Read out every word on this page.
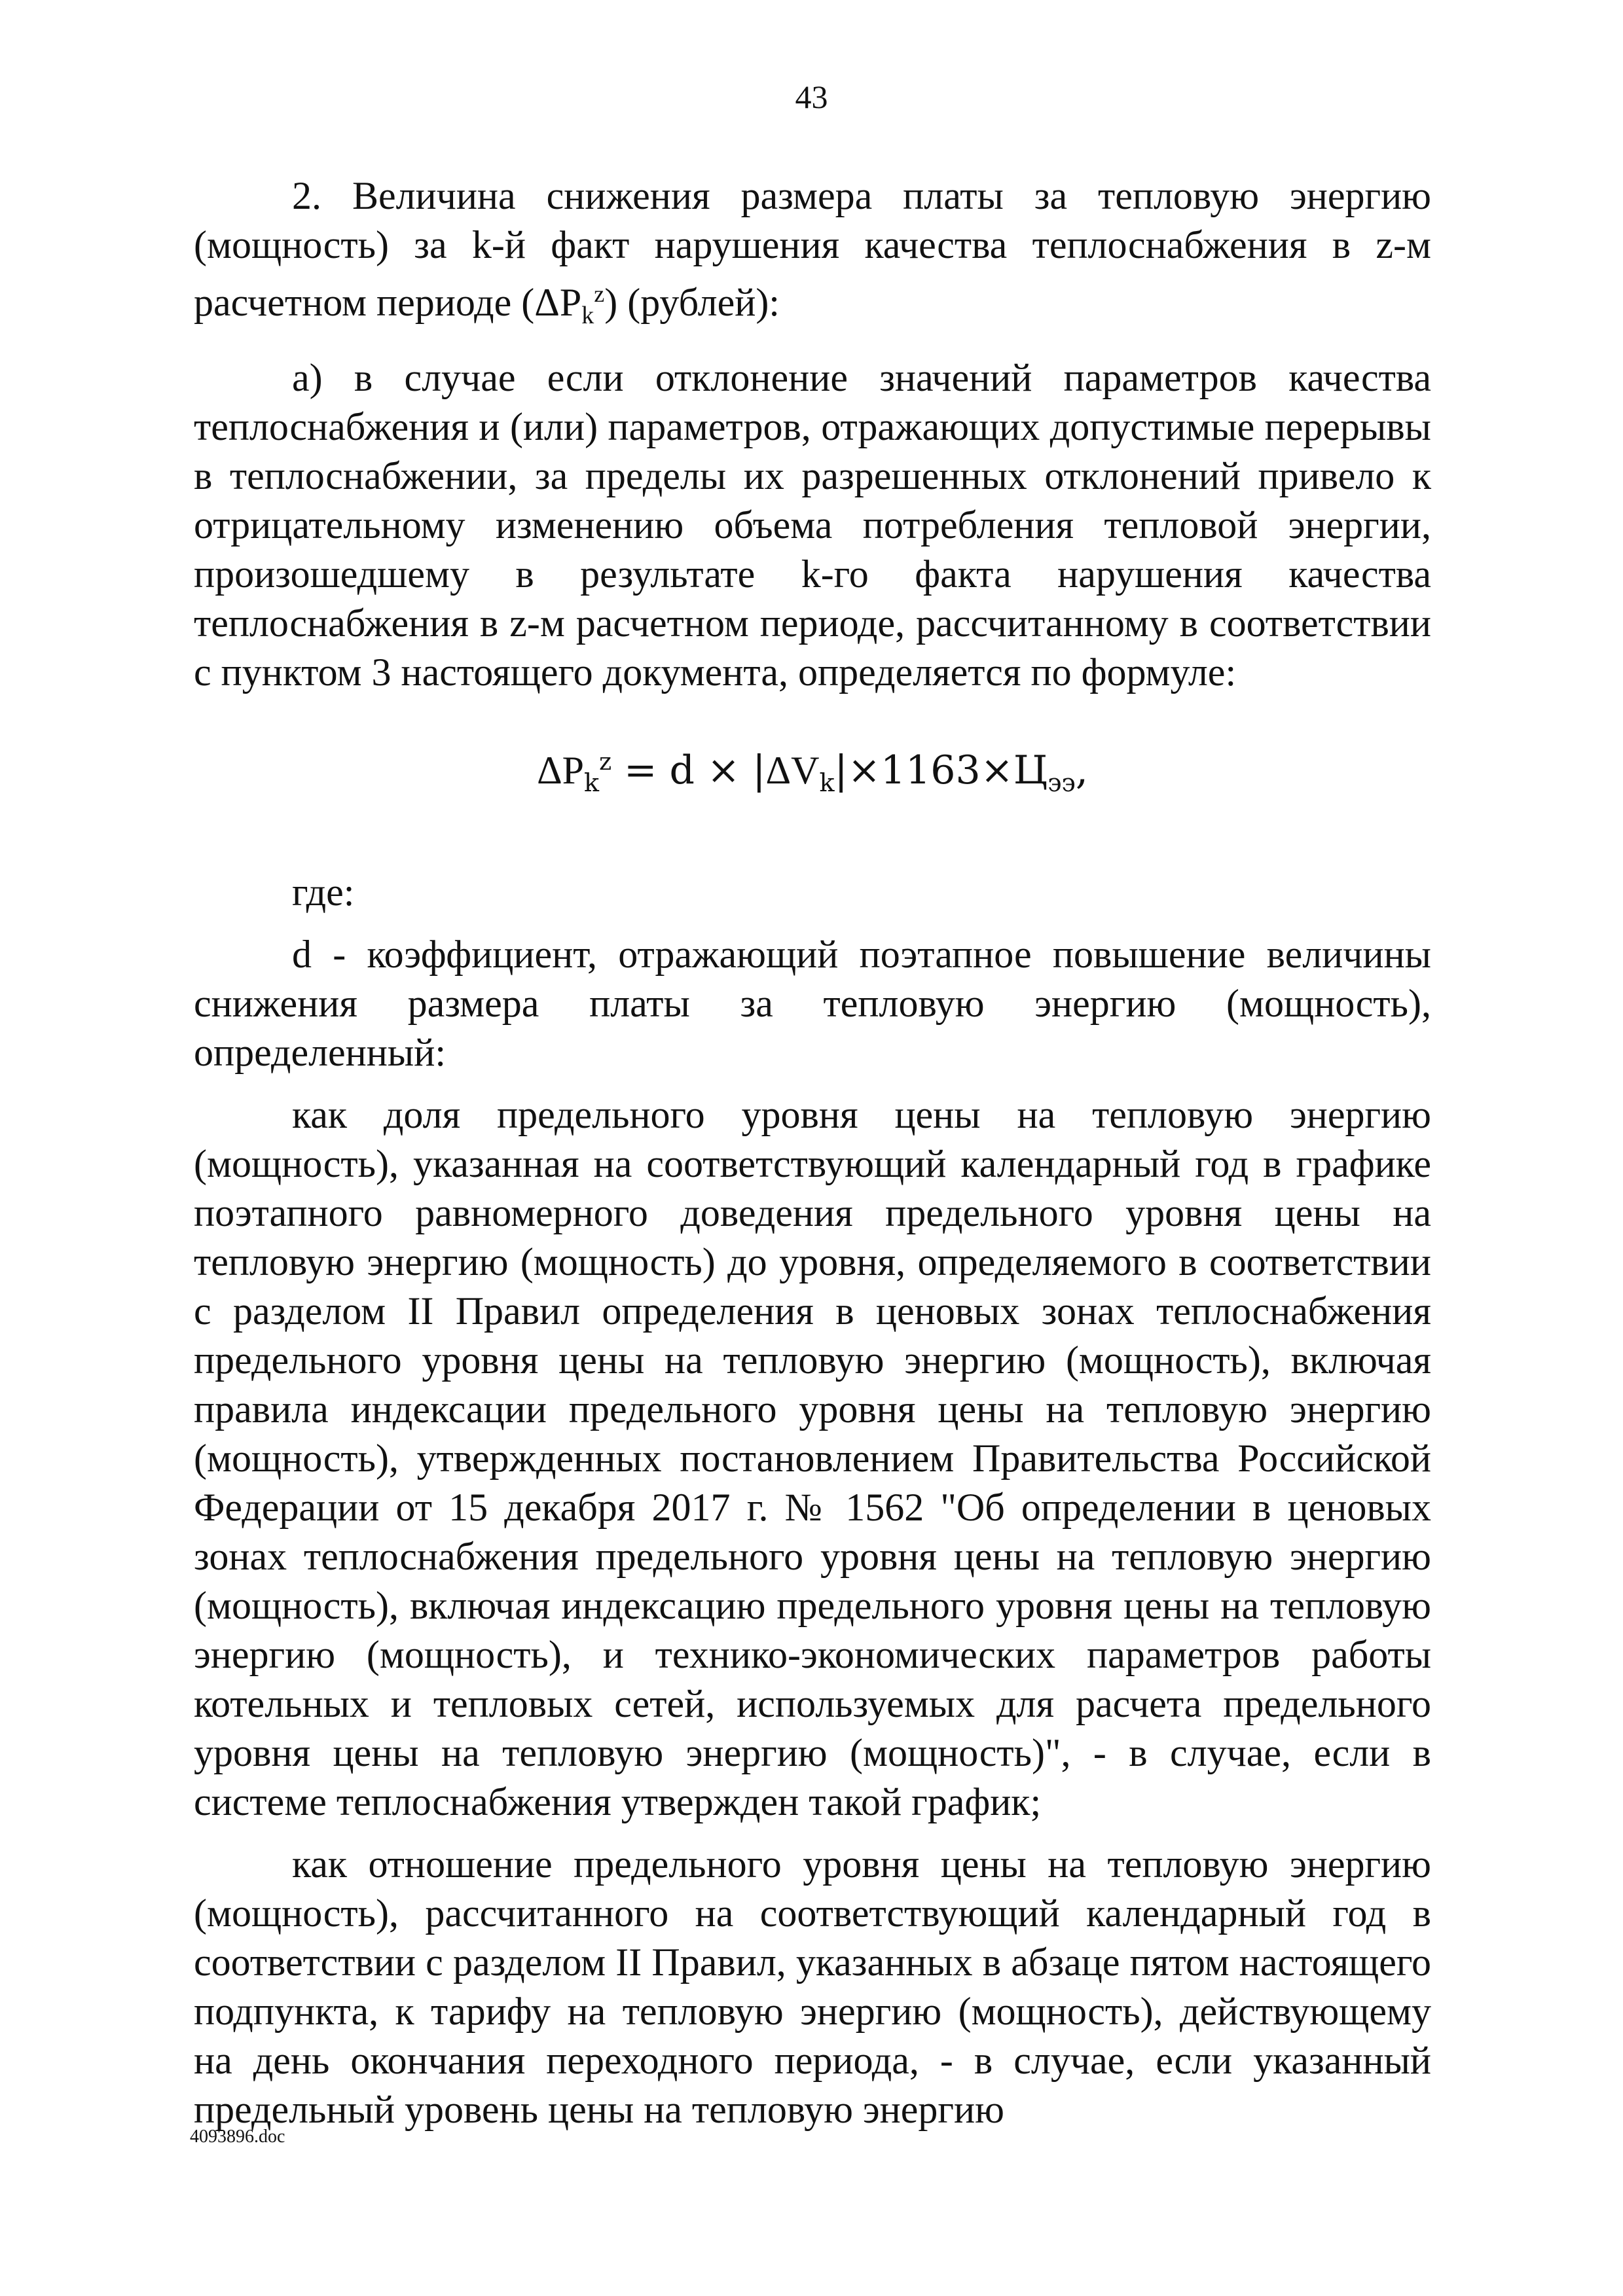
43

2. Величина снижения размера платы за тепловую энергию (мощность) за k-й факт нарушения качества теплоснабжения в z-м расчетном периоде $(\Delta P_k^z)$ (рублей):

а) в случае если отклонение значений параметров качества теплоснабжения и (или) параметров, отражающих допустимые перерывы в теплоснабжении, за пределы их разрешенных отклонений привело к отрицательному изменению объема потребления тепловой энергии, произошедшему в результате k-го факта нарушения качества теплоснабжения в z-м расчетном периоде, рассчитанному в соответствии с пунктом 3 настоящего документа, определяется по формуле:

$\Delta P_k^z = d \times |\Delta V_k|\times 1163\times Ц_{ээ}$,

где:

d - коэффициент, отражающий поэтапное повышение величины снижения размера платы за тепловую энергию (мощность), определенный:

как доля предельного уровня цены на тепловую энергию (мощность), указанная на соответствующий календарный год в графике поэтапного равномерного доведения предельного уровня цены на тепловую энергию (мощность) до уровня, определяемого в соответствии с разделом II Правил определения в ценовых зонах теплоснабжения предельного уровня цены на тепловую энергию (мощность), включая правила индексации предельного уровня цены на тепловую энергию (мощность), утвержденных постановлением Правительства Российской Федерации от 15 декабря 2017 г. № 1562 "Об определении в ценовых зонах теплоснабжения предельного уровня цены на тепловую энергию (мощность), включая индексацию предельного уровня цены на тепловую энергию (мощность), и технико-экономических параметров работы котельных и тепловых сетей, используемых для расчета предельного уровня цены на тепловую энергию (мощность)", - в случае, если в системе теплоснабжения утвержден такой график;

как отношение предельного уровня цены на тепловую энергию (мощность), рассчитанного на соответствующий календарный год в соответствии с разделом II Правил, указанных в абзаце пятом настоящего подпункта, к тарифу на тепловую энергию (мощность), действующему на день окончания переходного периода, - в случае, если указанный предельный уровень цены на тепловую энергию

4093896.doc
